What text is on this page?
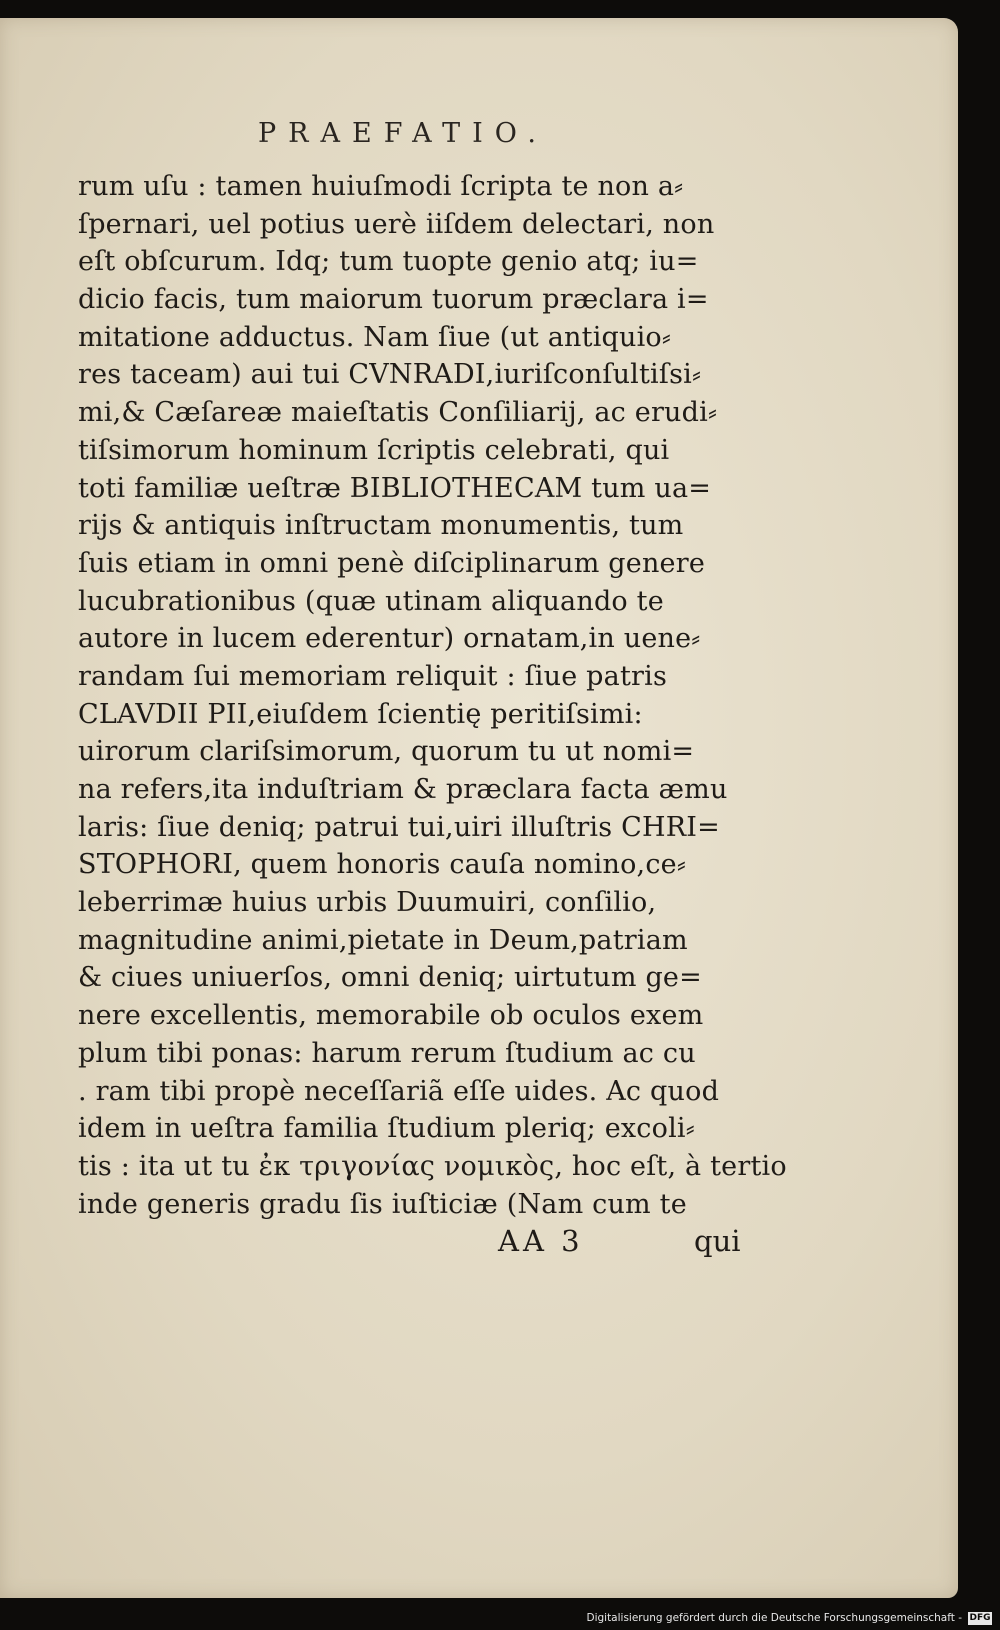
PRAEFATIO.
rum uſu : tamen huiuſmodi ſcripta te non a⸗
ſpernari, uel potius uerè iiſdem delectari, non
eſt obſcurum. Idq; tum tuopte genio atq; iu=
dicio facis, tum maiorum tuorum præclara i=
mitatione adductus. Nam ſiue (ut antiquio⸗
res taceam) aui tui CVNRADI,iuriſconſultiſsi⸗
mi,& Cæſareæ maieſtatis Conſiliarij, ac erudi⸗
tiſsimorum hominum ſcriptis celebrati, qui
toti familiæ ueſtræ BIBLIOTHECAM tum ua=
rijs & antiquis inſtructam monumentis, tum
ſuis etiam in omni penè diſciplinarum genere
lucubrationibus (quæ utinam aliquando te
autore in lucem ederentur) ornatam,in uene⸗
randam ſui memoriam reliquit : ſiue patris
CLAVDII PII,eiuſdem ſcientię peritiſsimi:
uirorum clariſsimorum, quorum tu ut nomi=
na refers,ita induſtriam & præclara facta æmu
laris: ſiue deniq; patrui tui,uiri illuſtris CHRI=
STOPHORI, quem honoris cauſa nomino,ce⸗
leberrimæ huius urbis Duumuiri, conſilio,
magnitudine animi,pietate in Deum,patriam
& ciues uniuerſos, omni deniq; uirtutum ge=
nere excellentis, memorabile ob oculos exem
plum tibi ponas: harum rerum ſtudium ac cu
. ram tibi propè neceſſariã eſſe uides. Ac quod
idem in ueſtra familia ſtudium pleriq; excoli⸗
tis : ita ut tu ἐκ τριγονίας νομικὸς, hoc eſt, à tertio
inde generis gradu ſis iuſticiæ (Nam cum te
AA 3	qui
Digitalisierung gefördert durch die Deutsche Forschungsgemeinschaft - DFG
